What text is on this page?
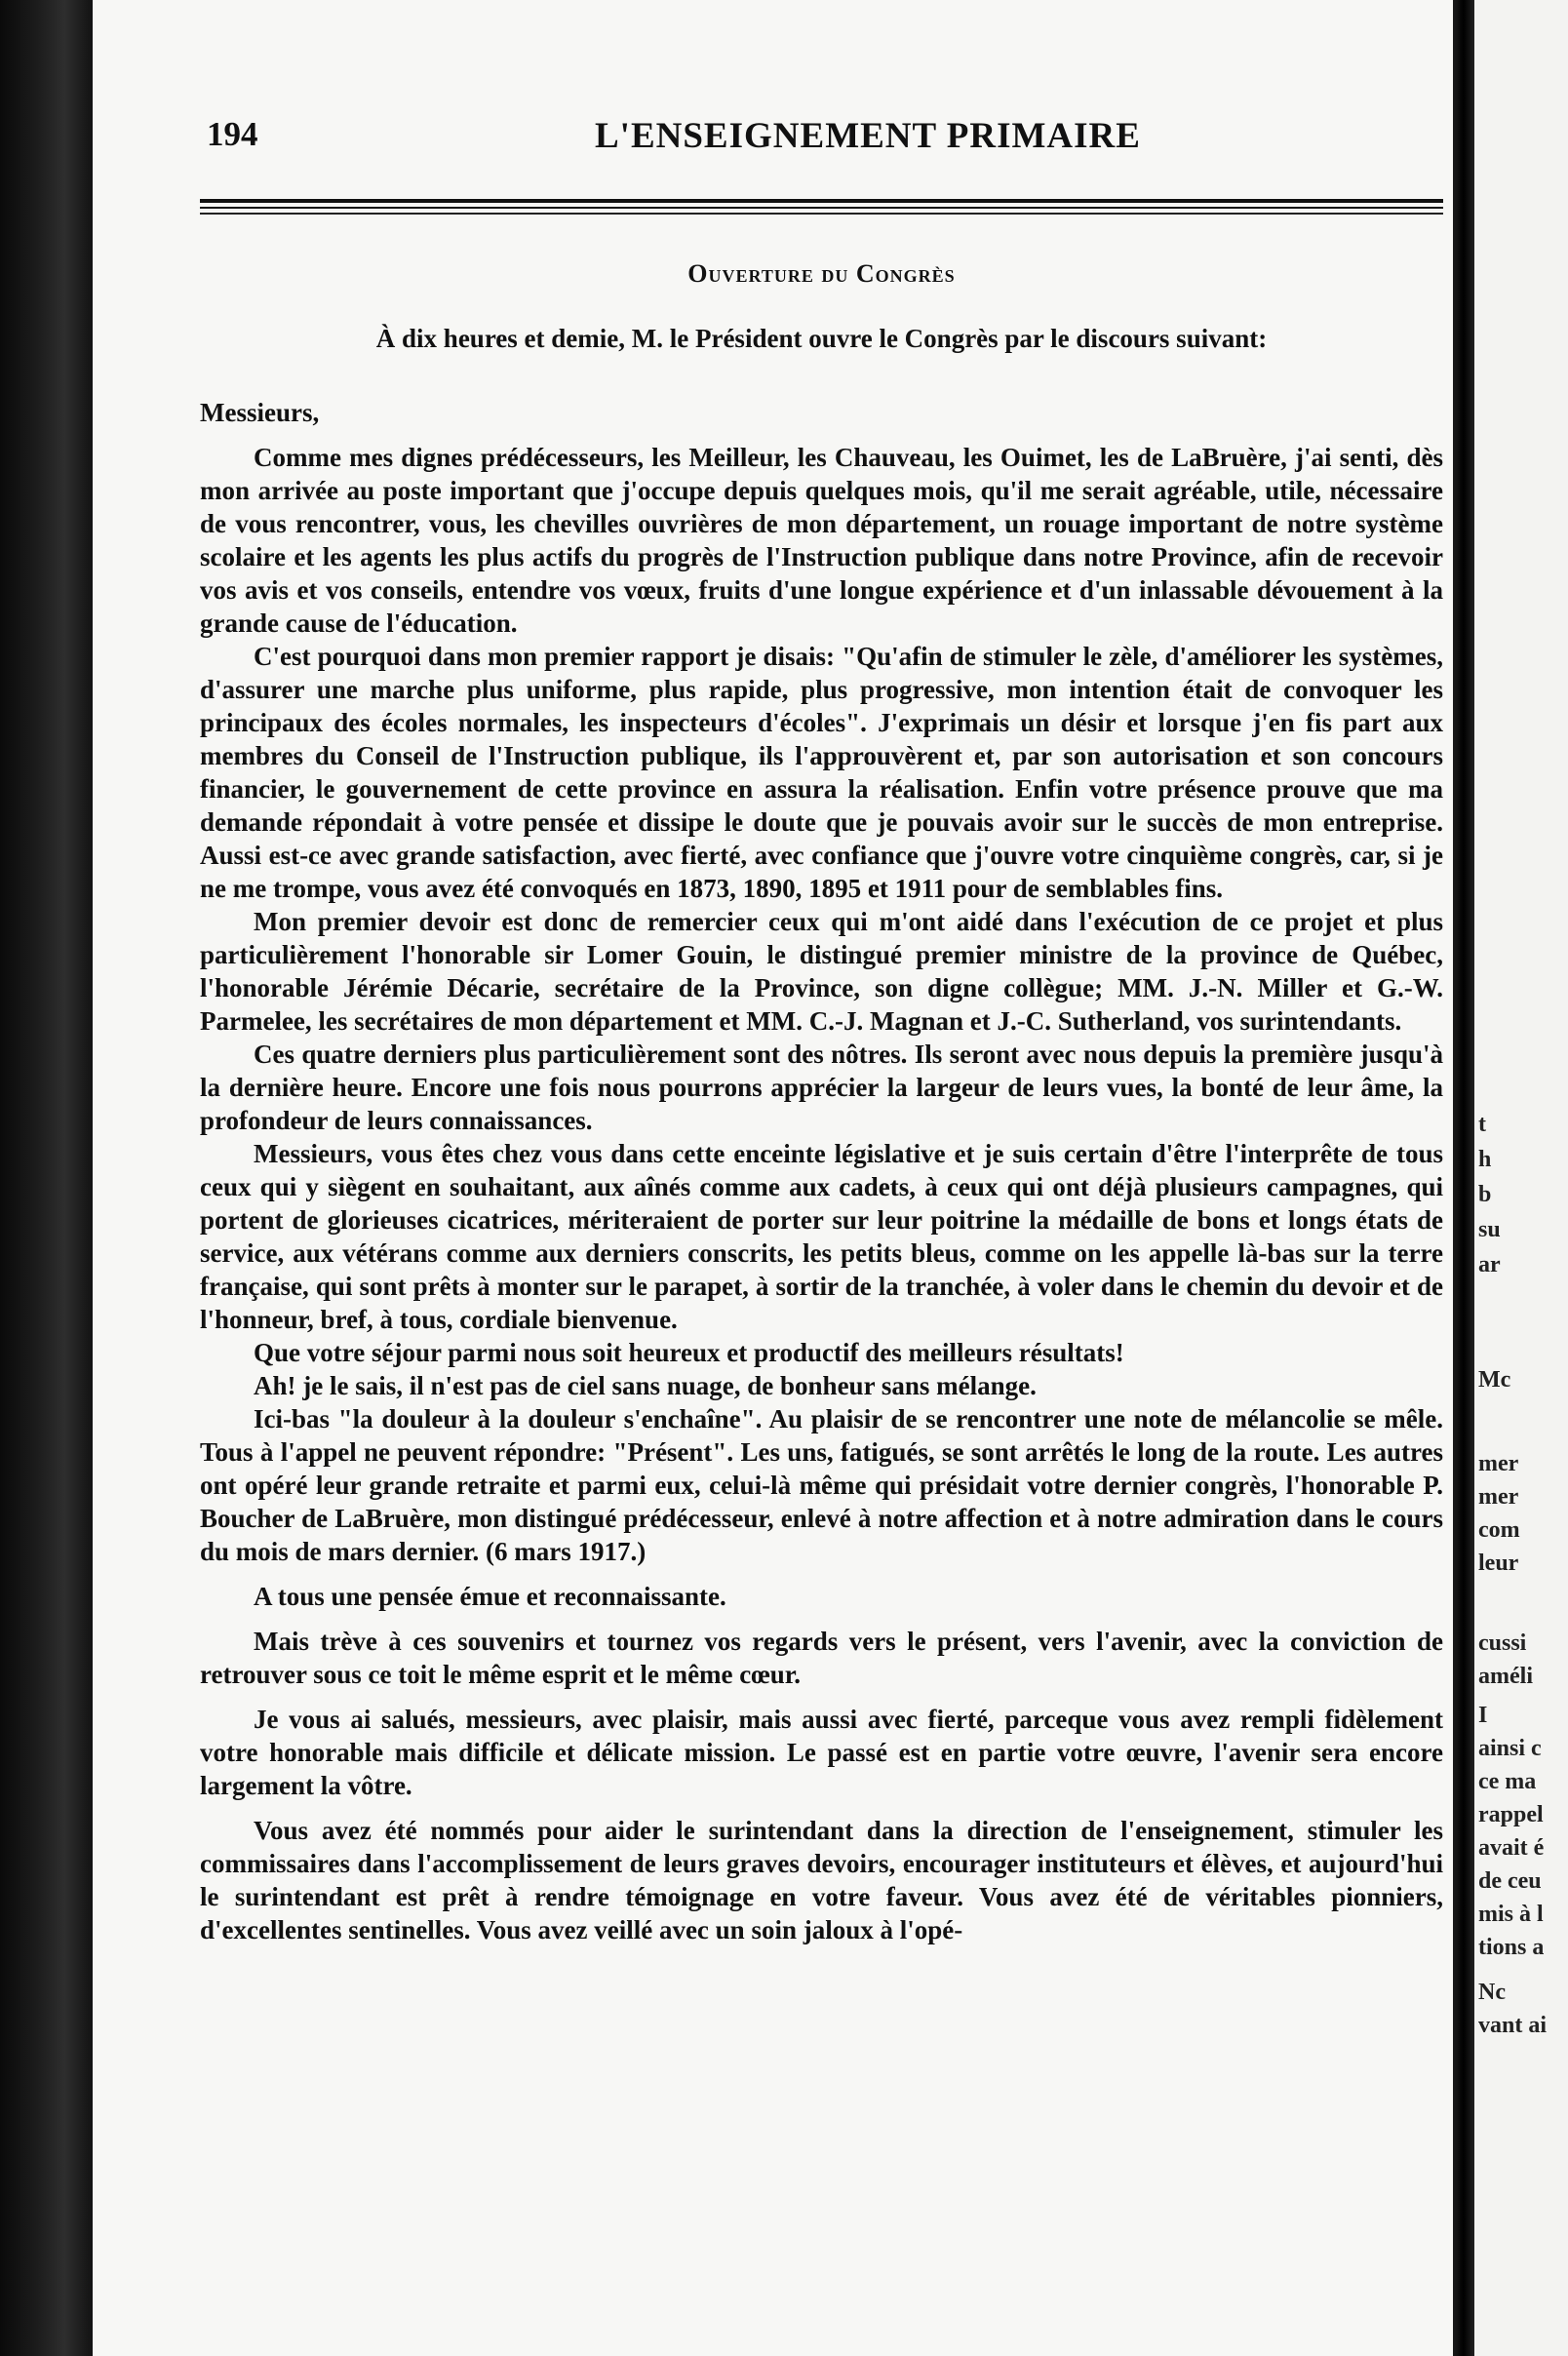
194	L'ENSEIGNEMENT PRIMAIRE
Ouverture du Congrès
À dix heures et demie, M. le Président ouvre le Congrès par le discours suivant:
Messieurs,

Comme mes dignes prédécesseurs, les Meilleur, les Chauveau, les Ouimet, les de LaBruère, j'ai senti, dès mon arrivée au poste important que j'occupe depuis quelques mois, qu'il me serait agréable, utile, nécessaire de vous rencontrer, vous, les chevilles ouvrières de mon département, un rouage important de notre système scolaire et les agents les plus actifs du progrès de l'Instruction publique dans notre Province, afin de recevoir vos avis et vos conseils, entendre vos vœux, fruits d'une longue expérience et d'un inlassable dévouement à la grande cause de l'éducation.

C'est pourquoi dans mon premier rapport je disais: "Qu'afin de stimuler le zèle, d'améliorer les systèmes, d'assurer une marche plus uniforme, plus rapide, plus progressive, mon intention était de convoquer les principaux des écoles normales, les inspecteurs d'écoles". J'exprimais un désir et lorsque j'en fis part aux membres du Conseil de l'Instruction publique, ils l'approuvèrent et, par son autorisation et son concours financier, le gouvernement de cette province en assura la réalisation. Enfin votre présence prouve que ma demande répondait à votre pensée et dissipe le doute que je pouvais avoir sur le succès de mon entreprise. Aussi est-ce avec grande satisfaction, avec fierté, avec confiance que j'ouvre votre cinquième congrès, car, si je ne me trompe, vous avez été convoqués en 1873, 1890, 1895 et 1911 pour de semblables fins.

Mon premier devoir est donc de remercier ceux qui m'ont aidé dans l'exécution de ce projet et plus particulièrement l'honorable sir Lomer Gouin, le distingué premier ministre de la province de Québec, l'honorable Jérémie Décarie, secrétaire de la Province, son digne collègue; MM. J.-N. Miller et G.-W. Parmelee, les secrétaires de mon département et MM. C.-J. Magnan et J.-C. Sutherland, vos surintendants.

Ces quatre derniers plus particulièrement sont des nôtres. Ils seront avec nous depuis la première jusqu'à la dernière heure. Encore une fois nous pourrons apprécier la largeur de leurs vues, la bonté de leur âme, la profondeur de leurs connaissances.

Messieurs, vous êtes chez vous dans cette enceinte législative et je suis certain d'être l'interprête de tous ceux qui y siègent en souhaitant, aux aînés comme aux cadets, à ceux qui ont déjà plusieurs campagnes, qui portent de glorieuses cicatrices, mériteraient de porter sur leur poitrine la médaille de bons et longs états de service, aux vétérans comme aux derniers conscrits, les petits bleus, comme on les appelle là-bas sur la terre française, qui sont prêts à monter sur le parapet, à sortir de la tranchée, à voler dans le chemin du devoir et de l'honneur, bref, à tous, cordiale bienvenue.

Que votre séjour parmi nous soit heureux et productif des meilleurs résultats!

Ah! je le sais, il n'est pas de ciel sans nuage, de bonheur sans mélange.

Ici-bas "la douleur à la douleur s'enchaîne". Au plaisir de se rencontrer une note de mélancolie se mêle. Tous à l'appel ne peuvent répondre: "Présent". Les uns, fatigués, se sont arrêtés le long de la route. Les autres ont opéré leur grande retraite et parmi eux, celui-là même qui présidait votre dernier congrès, l'honorable P. Boucher de LaBruère, mon distingué prédécesseur, enlevé à notre affection et à notre admiration dans le cours du mois de mars dernier. (6 mars 1917.)

A tous une pensée émue et reconnaissante.

Mais trève à ces souvenirs et tournez vos regards vers le présent, vers l'avenir, avec la conviction de retrouver sous ce toit le même esprit et le même cœur.

Je vous ai salués, messieurs, avec plaisir, mais aussi avec fierté, parceque vous avez rempli fidèlement votre honorable mais difficile et délicate mission. Le passé est en partie votre œuvre, l'avenir sera encore largement la vôtre.

Vous avez été nommés pour aider le surintendant dans la direction de l'enseignement, stimuler les commissaires dans l'accomplissement de leurs graves devoirs, encourager instituteurs et élèves, et aujourd'hui le surintendant est prêt à rendre témoignage en votre faveur. Vous avez été de véritables pionniers, d'excellentes sentinelles. Vous avez veillé avec un soin jaloux à l'opé-

t
h
b
su
ar
Mc
mer
mer
com
leur
cussi
améli
I
ainsi c
ce ma
rappel
avait é
de ceu
mis à l
tions a
Nc
vant ai
